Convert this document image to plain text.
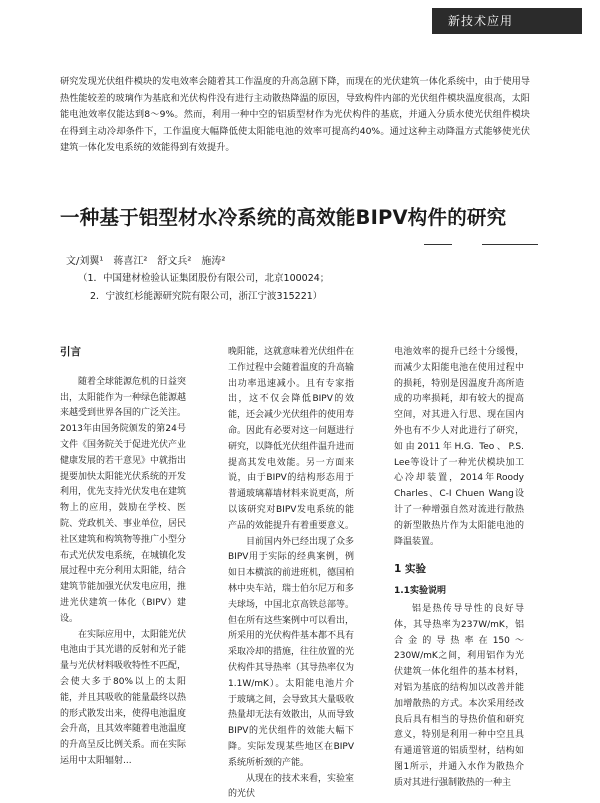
新技术应用

研究发现光伏组件模块的发电效率会随着其工作温度的升高急剧下降，而现在的光伏建筑一体化系统中，由于使用导热性能较差的玻璃作为基底和光伏构件没有进行主动散热降温的原因，导致构件内部的光伏组件模块温度很高，太阳能电池效率仅能达到8～9%。然而，利用一种中空的铝质型材作为光伏构件的基底，并通入分质水使光伏组件模块在得到主动冷却条件下，工作温度大幅降低使太阳能电池的效率可提高约40%。通过这种主动降温方式能够使光伏建筑一体化发电系统的效能得到有效提升。

一种基于铝型材水冷系统的高效能BIPV构件的研究

文/刘翼¹　蒋喜江²　舒文兵²　施涛²

（1．中国建材检验认证集团股份有限公司，北京100024；
2．宁波红杉能源研究院有限公司，浙江宁波315221）
引言

随着全球能源危机的日益突出，太阳能作为一种绿色能源越来越受到世界各国的广泛关注。2013年由国务院颁发的第24号文件《国务院关于促进光伏产业健康发展的若干意见》中就指出提要加快太阳能光伏系统的开发利用，优先支持光伏发电在建筑物上的应用，鼓励在学校、医院、党政机关、事业单位，居民社区建筑和构筑物等推广小型分布式光伏发电系统，在城镇化发展过程中充分利用太阳能，结合建筑节能加强光伏发电应用，推进光伏建筑一体化（BIPV）建设。

在实际应用中，太阳能光伏电池由于其光谱的反射和光子能量与光伏材料吸收特性不匹配，会使大多于80%以上的太阳能，并且其吸收的能量最终以热的形式散发出来，使得电池温度会升高，且其效率随着电池温度的升高呈反比例关系。而在实际运用中太阳辐射...

晚阳能，这就意味着光伏组件在工作过程中会随着温度的升高输出功率迅速减小。且有专家指出，这不仅会降低BIPV的效能，还会减少光伏组件的使用寿命。因此有必要对这一问题进行研究，以降低光伏组件温升进而提高其发电效能。另一方面来说，由于BIPV的结构形态用于普通玻璃幕墙材料来说更高，所以该研究对BIPV发电系统的能产品的效能提升有着重要意义。

目前国内外已经出现了众多BIPV用于实际的经典案例，例如日本横滨的前进班机，德国柏林中央车站，瑞士伯尔尼万和多夫球场，中国北京高铁总部等。但在所有这些案例中可以看出，所采用的光伏构件基本都不具有采取冷却的措施，往往放置的光伏构件其导热率（其导热率仅为1.1W/mK）。太阳能电池片介于玻璃之间，会导致其大量吸收热量却无法有效散出，从而导致BIPV的光伏组件的效能大幅下降。实际发现某些地区在BIPV系统所析颈的产能。

从现在的技术来看，实验室的光伏

电池效率的提升已经十分缓慢，而减少太阳能电池在使用过程中的损耗，特别是因温度升高所造成的功率损耗，却有较大的提高空间，对其进入行思、现在国内外也有不少人对此进行了研究，如由2011年H.G. Teo、P.S. Lee等设计了一种光伏模块加工心冷却装置，2014年Roody Charles、C-I Chuen Wang设计了一种增强自然对流进行散热的新型散热片作为太阳能电池的降温装置。

1 实验
1.1实验说明

铝是热传导导性的良好导体，其导热率为237W/mK，铝合金的导热率在150～230W/mK之间，利用铝作为光伏建筑一体化组件的基本材料，对铝为基底的结构加以改善并能加增散热的方式。本次采用经改良后具有相当的导热价值和研究意义，特别是利用一种中空且具有通道管道的铝质型材，结构如图1所示，并通入水作为散热介质对其进行强制散热的一种主
